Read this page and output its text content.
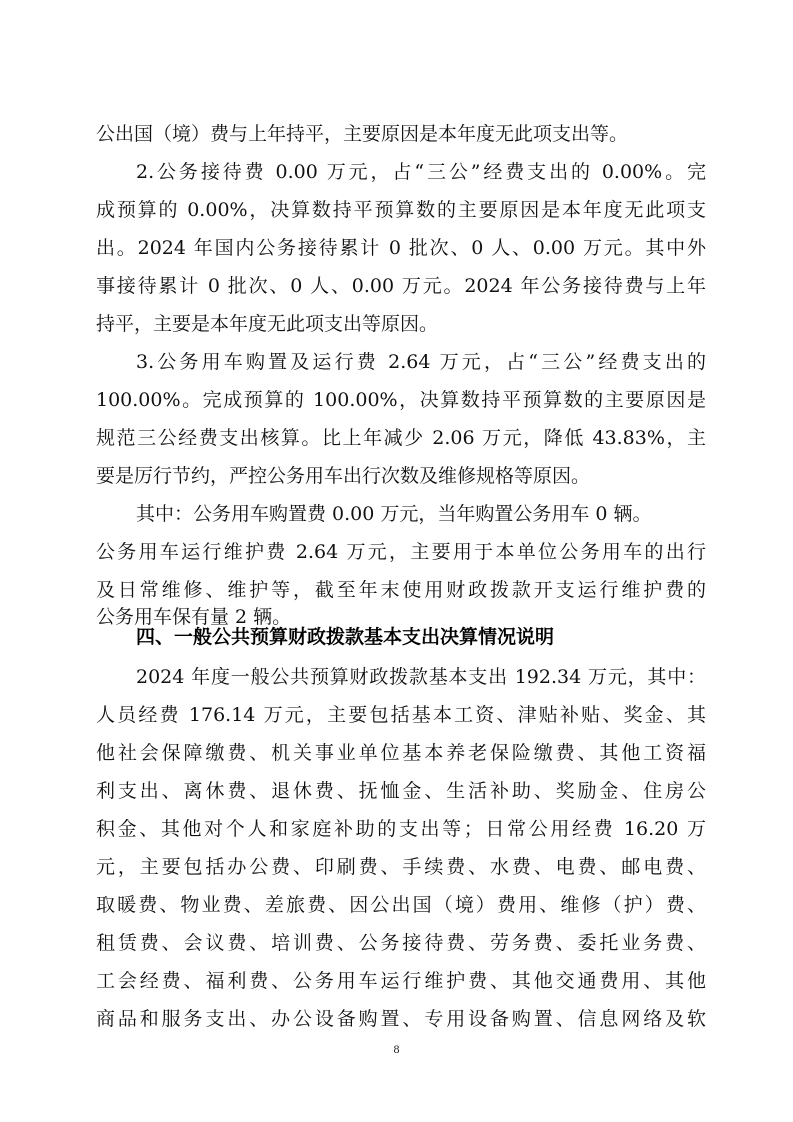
公出国（境）费与上年持平，主要原因是本年度无此项支出等。
2.公务接待费 0.00 万元，占“三公”经费支出的 0.00%。完
成预算的 0.00%，决算数持平预算数的主要原因是本年度无此项支
出。2024 年国内公务接待累计 0 批次、0 人、0.00 万元。其中外
事接待累计 0 批次、0 人、0.00 万元。2024 年公务接待费与上年
持平，主要是本年度无此项支出等原因。
3.公务用车购置及运行费 2.64 万元，占“三公”经费支出的
100.00%。完成预算的 100.00%，决算数持平预算数的主要原因是
规范三公经费支出核算。比上年减少 2.06 万元，降低 43.83%，主
要是厉行节约，严控公务用车出行次数及维修规格等原因。
其中：公务用车购置费 0.00 万元，当年购置公务用车 0 辆。
公务用车运行维护费 2.64 万元，主要用于本单位公务用车的出行
及日常维修、维护等，截至年末使用财政拨款开支运行维护费的
公务用车保有量 2 辆。
四、一般公共预算财政拨款基本支出决算情况说明
2024 年度一般公共预算财政拨款基本支出 192.34 万元，其中：
人员经费 176.14 万元，主要包括基本工资、津贴补贴、奖金、其
他社会保障缴费、机关事业单位基本养老保险缴费、其他工资福
利支出、离休费、退休费、抚恤金、生活补助、奖励金、住房公
积金、其他对个人和家庭补助的支出等；日常公用经费 16.20 万
元，主要包括办公费、印刷费、手续费、水费、电费、邮电费、
取暖费、物业费、差旅费、因公出国（境）费用、维修（护）费、
租赁费、会议费、培训费、公务接待费、劳务费、委托业务费、
工会经费、福利费、公务用车运行维护费、其他交通费用、其他
商品和服务支出、办公设备购置、专用设备购置、信息网络及软
8
